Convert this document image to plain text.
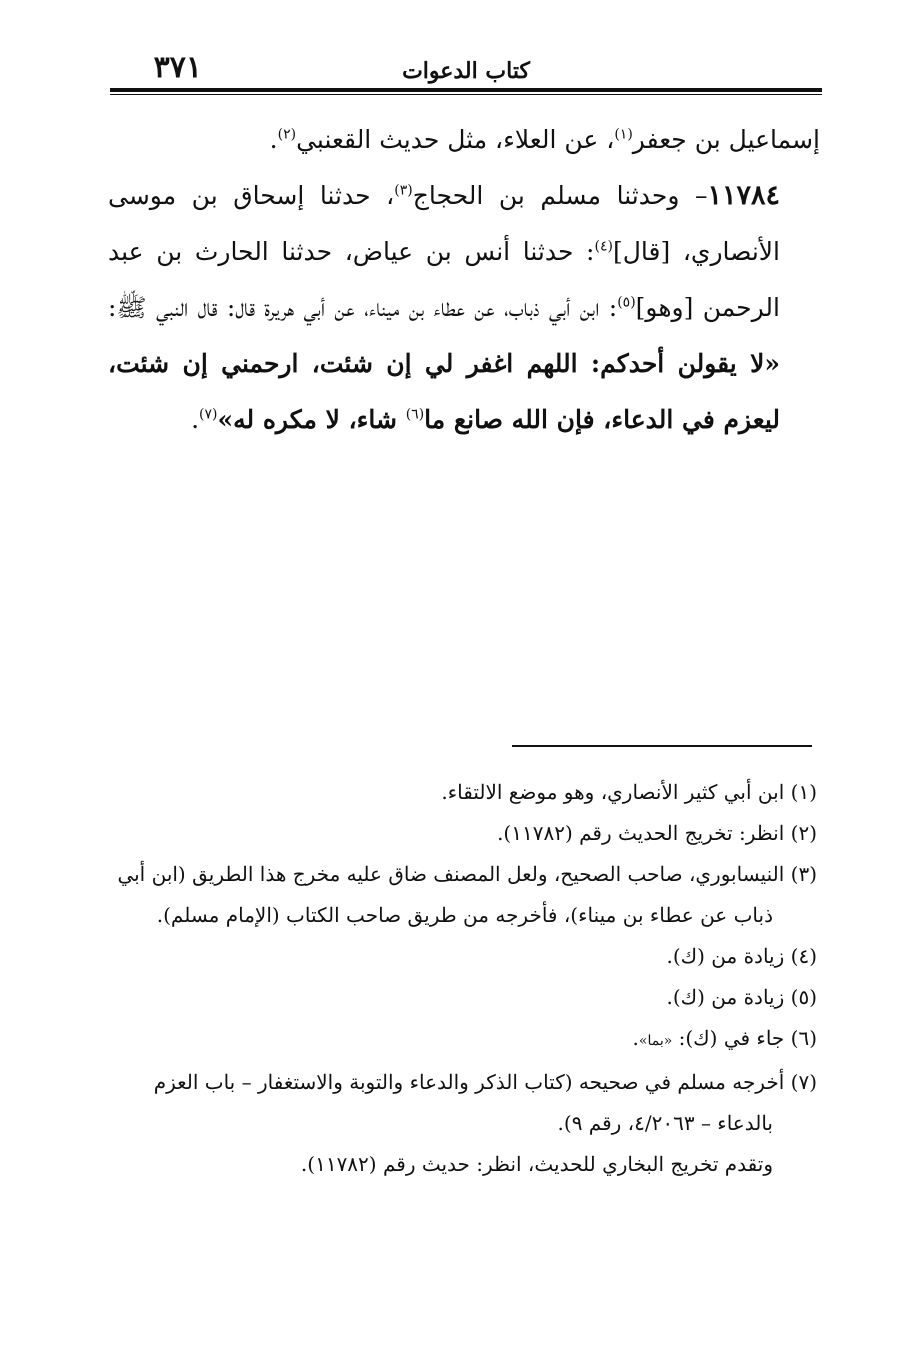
٣٧١	كتاب الدعوات

إسماعيل بن جعفر$^{(١)}$، عن العلاء، مثل حديث القعنبي$^{(٢)}$.

١١٧٨٤– وحدثنا مسلم بن الحجاج$^{(٣)}$، حدثنا إسحاق بن موسى الأنصاري، [قال]$^{(٤)}$: حدثنا أنس بن عياض، حدثنا الحارث بن عبد الرحمن [وهو]$^{(٥)}$: ابن أبي ذباب، عن عطاء بن ميناء، عن أبي هريرة قال: قال النبي ﷺ: «لا يقولن أحدكم: اللهم اغفر لي إن شئت، ارحمني إن شئت، ليعزم في الدعاء، فإن الله صانع ما$^{(٦)}$ شاء، لا مكره له»$^{(٧)}$.

(١) ابن أبي كثير الأنصاري، وهو موضع الالتقاء.

(٢) انظر: تخريج الحديث رقم (١١٧٨٢).

(٣) النيسابوري، صاحب الصحيح، ولعل المصنف ضاق عليه مخرج هذا الطريق (ابن أبي

ذباب عن عطاء بن ميناء)، فأخرجه من طريق صاحب الكتاب (الإمام مسلم).

(٤) زيادة من (ك).

(٥) زيادة من (ك).

(٦) جاء في (ك): «بما».

(٧) أخرجه مسلم في صحيحه (كتاب الذكر والدعاء والتوبة والاستغفار – باب العزم

بالدعاء – ٤/٢٠٦٣، رقم ٩).

وتقدم تخريج البخاري للحديث، انظر: حديث رقم (١١٧٨٢).
